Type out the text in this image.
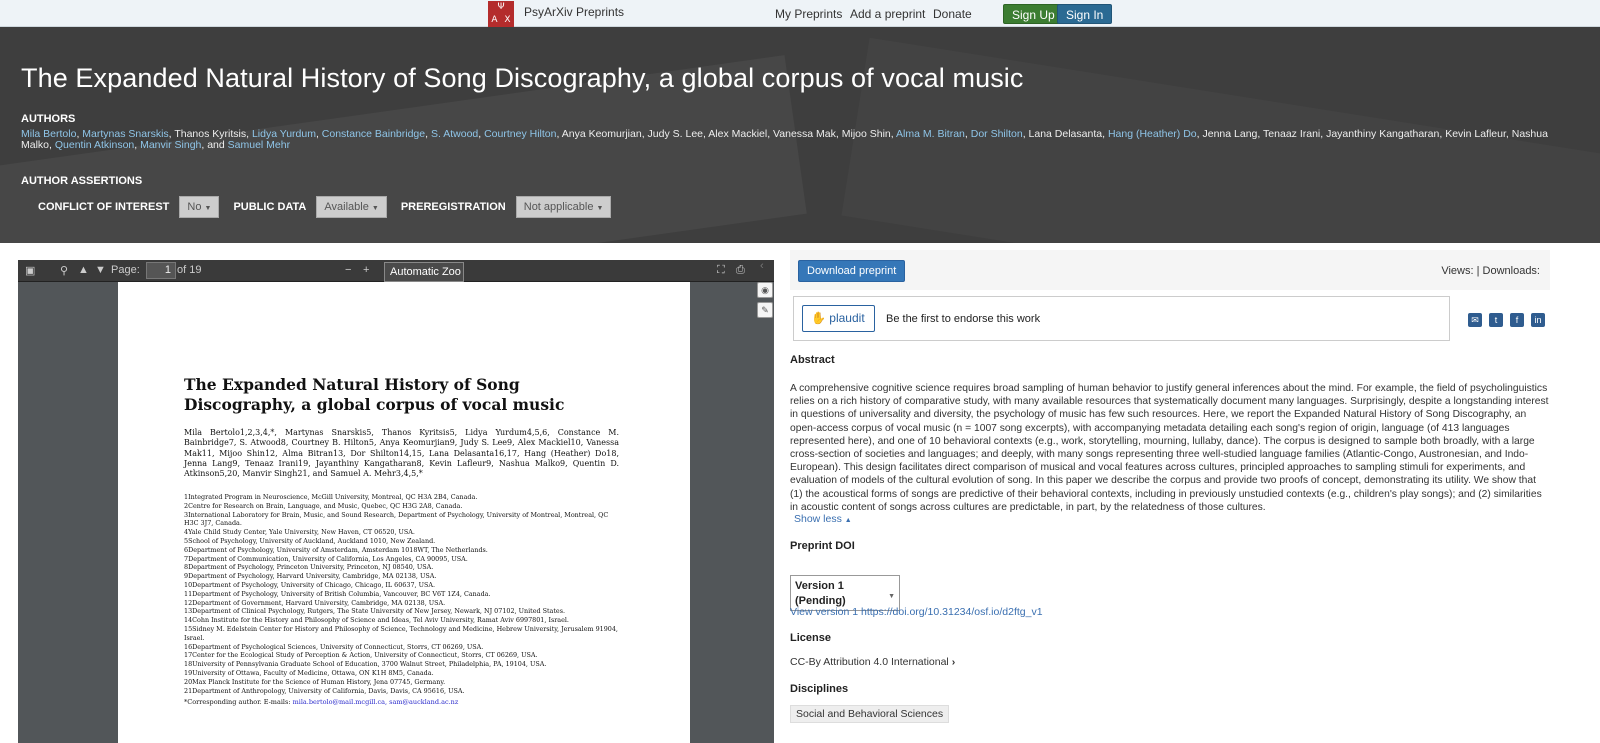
Ψ
A X
PsyArXiv Preprints	My Preprints Add a preprint Donate	Sign Up Sign In
The Expanded Natural History of Song Discography, a global corpus of vocal music
AUTHORS
Mila Bertolo, Martynas Snarskis, Thanos Kyritsis, Lidya Yurdum, Constance Bainbridge, S. Atwood, Courtney Hilton, Anya Keomurjian, Judy S. Lee, Alex Mackiel, Vanessa Mak, Mijoo Shin, Alma M. Bitran, Dor Shilton, Lana Delasanta, Hang (Heather) Do, Jenna Lang, Tenaaz Irani, Jayanthiny Kangatharan, Kevin Lafleur, Nashua Malko, Quentin Atkinson, Manvir Singh, and Samuel Mehr
AUTHOR ASSERTIONS
CONFLICT OF INTEREST	No ▼	PUBLIC DATA	Available ▼	PREREGISTRATION	Not applicable ▼
▣ ⚲ ▲ ▼ Page:	1 of 19	− +	Automatic Zoo	⛶ ⎙
The Expanded Natural History of Song Discography, a global corpus of vocal music
Mila Bertolo1,2,3,4,*, Martynas Snarskis5, Thanos Kyritsis5, Lidya Yurdum4,5,6, Constance M. Bainbridge7, S. Atwood8, Courtney B. Hilton5, Anya Keomurjian9, Judy S. Lee9, Alex Mackiel10, Vanessa Mak11, Mijoo Shin12, Alma Bitran13, Dor Shilton14,15, Lana Delasanta16,17, Hang (Heather) Do18, Jenna Lang9, Tenaaz Irani19, Jayanthiny Kangatharan8, Kevin Lafleur9, Nashua Malko9, Quentin D. Atkinson5,20, Manvir Singh21, and Samuel A. Mehr3,4,5,*
1Integrated Program in Neuroscience, McGill University, Montreal, QC H3A 2B4, Canada.
2Centre for Research on Brain, Language, and Music, Quebec, QC H3G 2A8, Canada.
3International Laboratory for Brain, Music, and Sound Research, Department of Psychology, University of Montreal, Montreal, QC H3C 3J7, Canada.
4Yale Child Study Center, Yale University, New Haven, CT 06520, USA.
5School of Psychology, University of Auckland, Auckland 1010, New Zealand.
6Department of Psychology, University of Amsterdam, Amsterdam 1018WT, The Netherlands.
7Department of Communication, University of California, Los Angeles, CA 90095, USA.
8Department of Psychology, Princeton University, Princeton, NJ 08540, USA.
9Department of Psychology, Harvard University, Cambridge, MA 02138, USA.
10Department of Psychology, University of Chicago, Chicago, IL 60637, USA.
11Department of Psychology, University of British Columbia, Vancouver, BC V6T 1Z4, Canada.
12Department of Government, Harvard University, Cambridge, MA 02138, USA.
13Department of Clinical Psychology, Rutgers, The State University of New Jersey, Newark, NJ 07102, United States.
14Cohn Institute for the History and Philosophy of Science and Ideas, Tel Aviv University, Ramat Aviv 6997801, Israel.
15Sidney M. Edelstein Center for History and Philosophy of Science, Technology and Medicine, Hebrew University, Jerusalem 91904, Israel.
16Department of Psychological Sciences, University of Connecticut, Storrs, CT 06269, USA.
17Center for the Ecological Study of Perception & Action, University of Connecticut, Storrs, CT 06269, USA.
18University of Pennsylvania Graduate School of Education, 3700 Walnut Street, Philadelphia, PA, 19104, USA.
19University of Ottawa, Faculty of Medicine, Ottawa, ON K1H 8M5, Canada.
20Max Planck Institute for the Science of Human History, Jena 07745, Germany.
21Department of Anthropology, University of California, Davis, Davis, CA 95616, USA.
*Corresponding author. E-mails: mila.bertolo@mail.mcgill.ca, sam@auckland.ac.nz
‹
◉
✎
Download preprint	Views: | Downloads:
✋ plaudit	Be the first to endorse this work	✉	t	f	in
Abstract
A comprehensive cognitive science requires broad sampling of human behavior to justify general inferences about the mind. For example, the field of psycholinguistics relies on a rich history of comparative study, with many available resources that systematically document many languages. Surprisingly, despite a longstanding interest in questions of universality and diversity, the psychology of music has few such resources. Here, we report the Expanded Natural History of Song Discography, an open-access corpus of vocal music (n = 1007 song excerpts), with accompanying metadata detailing each song's region of origin, language (of 413 languages represented here), and one of 10 behavioral contexts (e.g., work, storytelling, mourning, lullaby, dance). The corpus is designed to sample both broadly, with a large cross-section of societies and languages; and deeply, with many songs representing three well-studied language families (Atlantic-Congo, Austronesian, and Indo-European). This design facilitates direct comparison of musical and vocal features across cultures, principled approaches to sampling stimuli for experiments, and evaluation of models of the cultural evolution of song. In this paper we describe the corpus and provide two proofs of concept, demonstrating its utility. We show that (1) the acoustical forms of songs are predictive of their behavioral contexts, including in previously unstudied contexts (e.g., children's play songs); and (2) similarities in acoustic content of songs across cultures are predictable, in part, by the relatedness of those cultures.
Show less ▲
Preprint DOI
Version 1
(Pending)	▼
View version 1 https://doi.org/10.31234/osf.io/d2ftg_v1
License
CC-By Attribution 4.0 International ›
Disciplines
Social and Behavioral Sciences
